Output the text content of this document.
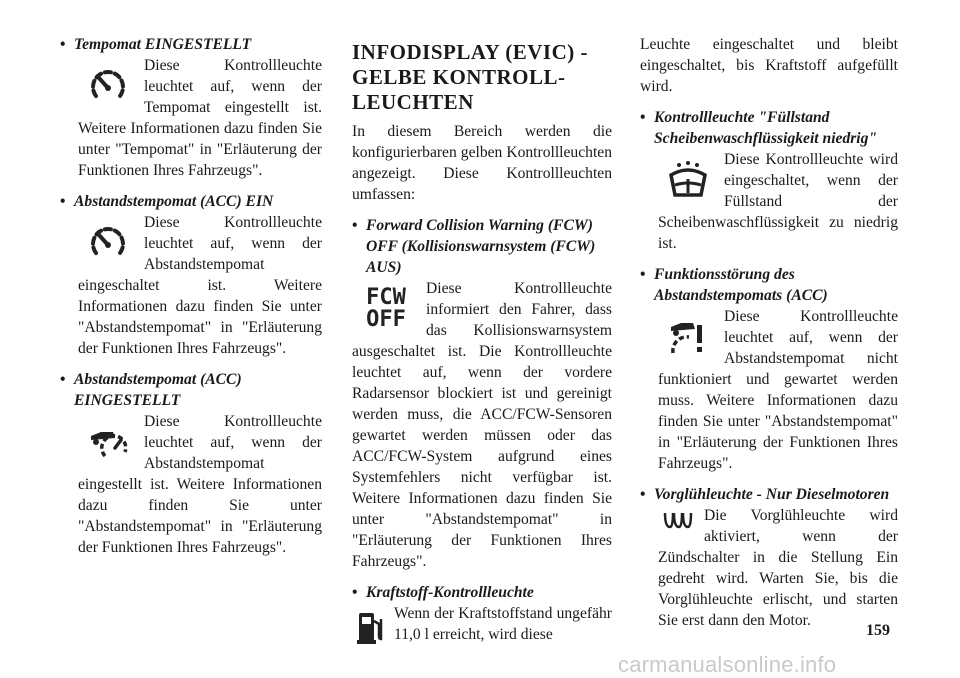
• Tempomat EINGESTELLT

Diese Kontrollleuchte leuchtet auf, wenn der Tempomat eingestellt ist. Weitere Informationen dazu finden Sie unter "Tempomat" in "Erläuterung der Funktionen Ihres Fahrzeugs".

• Abstandstempomat (ACC) EIN

Diese Kontrollleuchte leuchtet auf, wenn der Abstandstempomat eingeschaltet ist. Weitere Informationen dazu finden Sie unter "Abstandstempomat" in "Erläuterung der Funktionen Ihres Fahrzeugs".

• Abstandstempomat (ACC) EINGESTELLT

Diese Kontrollleuchte leuchtet auf, wenn der Abstandstempomat eingestellt ist. Weitere Informationen dazu finden Sie unter "Abstandstempomat" in "Erläuterung der Funktionen Ihres Fahrzeugs".

INFODISPLAY (EVIC) - GELBE KONTROLL-LEUCHTEN

In diesem Bereich werden die konfigurierbaren gelben Kontrollleuchten angezeigt. Diese Kontrollleuchten umfassen:

• Forward Collision Warning (FCW) OFF (Kollisionswarnsystem (FCW) AUS)
FCW
OFF

Diese Kontrollleuchte informiert den Fahrer, dass das Kollisionswarnsystem ausgeschaltet ist. Die Kontrollleuchte leuchtet auf, wenn der vordere Radarsensor blockiert ist und gereinigt werden muss, die ACC/FCW-Sensoren gewartet werden müssen oder das ACC/FCW-System aufgrund eines Systemfehlers nicht verfügbar ist. Weitere Informationen dazu finden Sie unter "Abstandstempomat" in "Erläuterung der Funktionen Ihres Fahrzeugs".

• Kraftstoff-Kontrollleuchte

Wenn der Kraftstoffstand ungefähr 11,0 l erreicht, wird diese

Leuchte eingeschaltet und bleibt eingeschaltet, bis Kraftstoff aufgefüllt wird.

• Kontrollleuchte "Füllstand Scheibenwaschflüssigkeit niedrig"

Diese Kontrollleuchte wird eingeschaltet, wenn der Füllstand der Scheibenwaschflüssigkeit zu niedrig ist.

• Funktionsstörung des Abstandstempomats (ACC)

Diese Kontrollleuchte leuchtet auf, wenn der Abstandstempomat nicht funktioniert und gewartet werden muss. Weitere Informationen dazu finden Sie unter "Abstandstempomat" in "Erläuterung der Funktionen Ihres Fahrzeugs".

• Vorglühleuchte - Nur Dieselmotoren

Die Vorglühleuchte wird aktiviert, wenn der Zündschalter in die Stellung Ein gedreht wird. Warten Sie, bis die Vorglühleuchte erlischt, und starten Sie erst dann den Motor.

159
carmanualsonline.info
